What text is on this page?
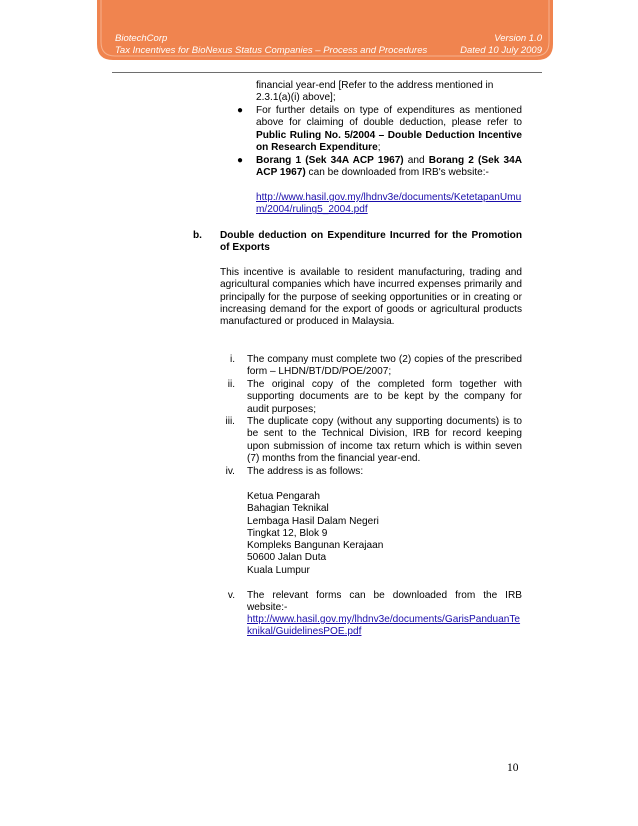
BiotechCorp
Tax Incentives for BioNexus Status Companies – Process and Procedures
Version 1.0
Dated 10 July 2009
financial year-end [Refer to the address mentioned in
2.3.1(a)(i) above];
● For further details on type of expenditures as mentioned above for claiming of double deduction, please refer to Public Ruling No. 5/2004 – Double Deduction Incentive on Research Expenditure;
● Borang 1 (Sek 34A ACP 1967) and Borang 2 (Sek 34A ACP 1967) can be downloaded from IRB's website:-
http://www.hasil.gov.my/lhdnv3e/documents/KetetapanUmum/2004/ruling5_2004.pdf
b. Double deduction on Expenditure Incurred for the Promotion of Exports
This incentive is available to resident manufacturing, trading and agricultural companies which have incurred expenses primarily and principally for the purpose of seeking opportunities or in creating or increasing demand for the export of goods or agricultural products manufactured or produced in Malaysia.
i. The company must complete two (2) copies of the prescribed form – LHDN/BT/DD/POE/2007;
ii. The original copy of the completed form together with supporting documents are to be kept by the company for audit purposes;
iii. The duplicate copy (without any supporting documents) is to be sent to the Technical Division, IRB for record keeping upon submission of income tax return which is within seven (7) months from the financial year-end.
iv. The address is as follows:
Ketua Pengarah
Bahagian Teknikal
Lembaga Hasil Dalam Negeri
Tingkat 12, Blok 9
Kompleks Bangunan Kerajaan
50600 Jalan Duta
Kuala Lumpur
v. The relevant forms can be downloaded from the IRB website:-
http://www.hasil.gov.my/lhdnv3e/documents/GarisPanduanTeknikal/GuidelinesPOE.pdf
10
